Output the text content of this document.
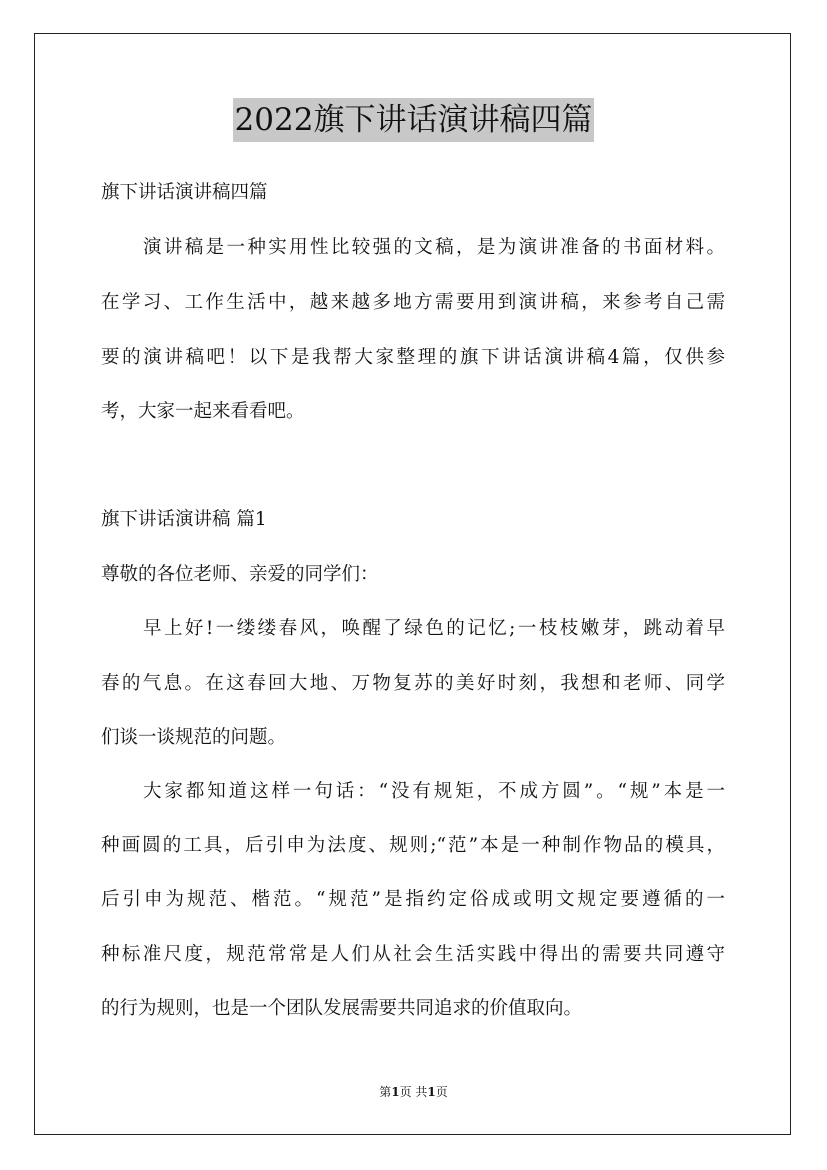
2022旗下讲话演讲稿四篇
旗下讲话演讲稿四篇
演讲稿是一种实用性比较强的文稿，是为演讲准备的书面材料。
在学习、工作生活中，越来越多地方需要用到演讲稿，来参考自己需
要的演讲稿吧！以下是我帮大家整理的旗下讲话演讲稿4篇，仅供参
考，大家一起来看看吧。
旗下讲话演讲稿 篇1
尊敬的各位老师、亲爱的同学们：
早上好!一缕缕春风，唤醒了绿色的记忆;一枝枝嫩芽，跳动着早
春的气息。在这春回大地、万物复苏的美好时刻，我想和老师、同学
们谈一谈规范的问题。
大家都知道这样一句话：“没有规矩，不成方圆”。“规”本是一
种画圆的工具，后引申为法度、规则;“范”本是一种制作物品的模具，
后引申为规范、楷范。“规范”是指约定俗成或明文规定要遵循的一
种标准尺度，规范常常是人们从社会生活实践中得出的需要共同遵守
的行为规则，也是一个团队发展需要共同追求的价值取向。
第1页 共1页
